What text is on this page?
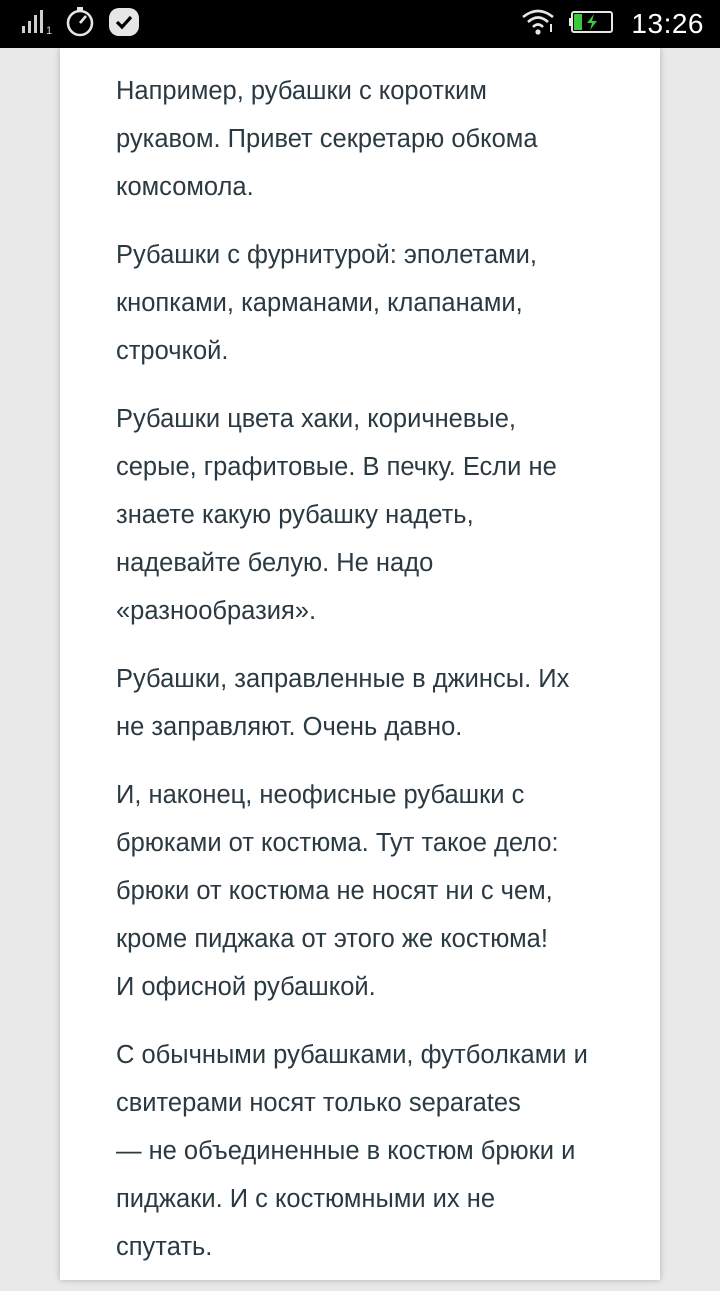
1	13:26

Например, рубашки с коротким
рукавом. Привет секретарю обкома
комсомола.

Рубашки с фурнитурой: эполетами,
кнопками, карманами, клапанами,
строчкой.

Рубашки цвета хаки, коричневые,
серые, графитовые. В печку. Если не
знаете какую рубашку надеть,
надевайте белую. Не надо
«разнообразия».

Рубашки, заправленные в джинсы. Их
не заправляют. Очень давно.

И, наконец, неофисные рубашки с
брюками от костюма. Тут такое дело:
брюки от костюма не носят ни с чем,
кроме пиджака от этого же костюма!
И офисной рубашкой.

С обычными рубашками, футболками и
свитерами носят только separates
— не объединенные в костюм брюки и
пиджаки. И с костюмными их не
спутать.
